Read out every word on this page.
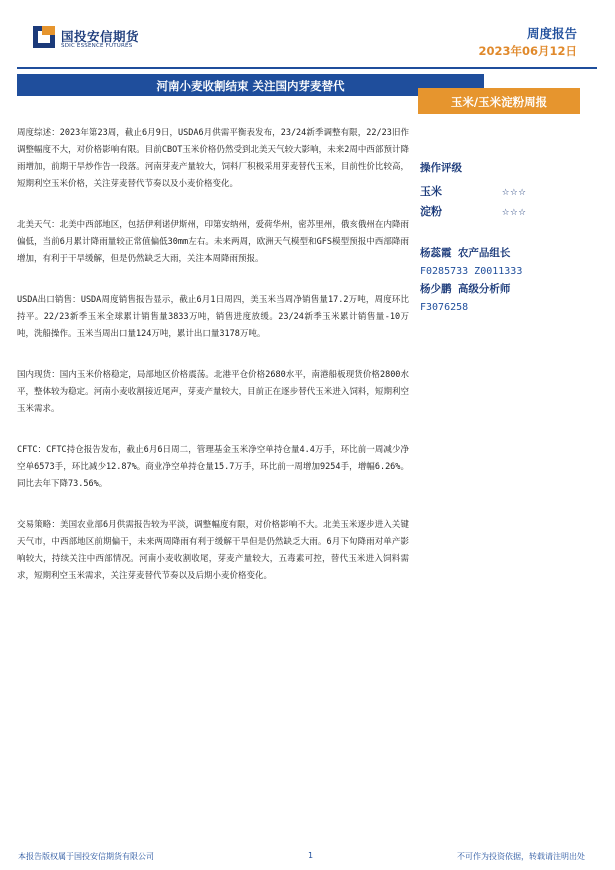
国投安信期货
SDIC ESSENCE FUTURES
周度报告
2023年06月12日
河南小麦收割结束 关注国内芽麦替代
玉米/玉米淀粉周报

周度综述：2023年第23周，截止6月9日，USDA6月供需平衡表发布，23/24新季调整有限，22/23旧作调整幅度不大，对价格影响有限。目前CBOT玉米价格仍然受到北美天气较大影响，未来2周中西部预计降雨增加，前期干旱炒作告一段落。河南芽麦产量较大，饲料厂积极采用芽麦替代玉米，目前性价比较高，短期利空玉米价格，关注芽麦替代节奏以及小麦价格变化。

北美天气：北美中西部地区，包括伊利诺伊斯州，印第安纳州，爱荷华州，密苏里州，俄亥俄州在内降雨偏低，当前6月累计降雨量较正常值偏低30mm左右。未来两周，欧洲天气模型和GFS模型预报中西部降雨增加，有利于干旱缓解，但是仍然缺乏大雨，关注本周降雨预报。

USDA出口销售：USDA周度销售报告显示，截止6月1日周四，美玉米当周净销售量17.2万吨，周度环比持平。22/23新季玉米全球累计销售量3833万吨，销售进度放缓。23/24新季玉米累计销售量-10万吨，洗船操作。玉米当周出口量124万吨，累计出口量3178万吨。

国内现货：国内玉米价格稳定，局部地区价格震荡。北港平仓价格2680水平，南港船板现货价格2800水平，整体较为稳定。河南小麦收割接近尾声，芽麦产量较大，目前正在逐步替代玉米进入饲料，短期利空玉米需求。

CFTC：CFTC持仓报告发布，截止6月6日周二，管理基金玉米净空单持仓量4.4万手，环比前一周减少净空单6573手，环比减少12.87%。商业净空单持仓量15.7万手，环比前一周增加9254手，增幅6.26%。同比去年下降73.56%。

交易策略：美国农业部6月供需报告较为平淡，调整幅度有限，对价格影响不大。北美玉米逐步进入关键天气市，中西部地区前期偏干，未来两周降雨有利于缓解干旱但是仍然缺乏大雨。6月下旬降雨对单产影响较大，持续关注中西部情况。河南小麦收割收尾，芽麦产量较大，五毒素可控，替代玉米进入饲料需求，短期利空玉米需求，关注芽麦替代节奏以及后期小麦价格变化。

操作评级
玉米	☆☆☆
淀粉	☆☆☆
杨蕊霞 农产品组长
F0285733 Z0011333
杨少鹏 高级分析师
F3076258
本报告版权属于国投安信期货有限公司	1	不可作为投资依据，转载请注明出处
